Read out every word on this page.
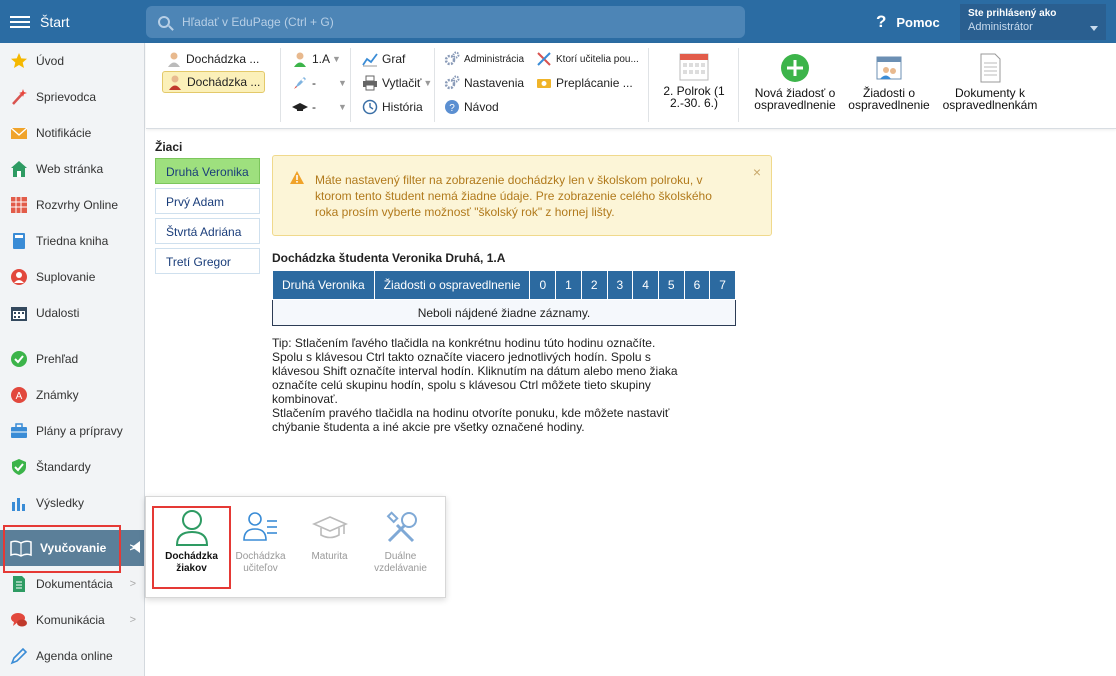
Štart	Hľadať v EduPage (Ctrl + G)	? Pomoc
Ste prihlásený ako
Administrátor
Úvod
Sprievodca
Notifikácie
Web stránka
Rozvrhy Online
Triedna kniha
Suplovanie
Udalosti
Prehľad
A Známky
Plány a prípravy
Štandardy
Výsledky
Vyučovanie >
Dokumentácia >
Komunikácia >
Agenda online
Dochádzka ...
Dochádzka ...
1.A ▼
- ▼
- ▼
Graf
Vytlačiť ▼
História
Administrácia
Nastavenia
? Návod
Ktorí učitelia pou...
Preplácanie ...
2. Polrok (1
2.-30. 6.)
Nová žiadosť o
ospravedlnenie
Žiadosti o
ospravedlnenie
Dokumenty k
ospravedlnenkám
Žiaci
Druhá Veronika
Prvý Adam
Štvrtá Adriána
Tretí Gregor
Máte nastavený filter na zobrazenie dochádzky len v školskom polroku, v ktorom tento študent nemá žiadne údaje. Pre zobrazenie celého školského roka prosím vyberte možnosť "školský rok" z hornej lišty.
×
Dochádzka študenta Veronika Druhá, 1.A
Druhá Veronika	Žiadosti o ospravedlnenie	0	1	2	3	4	5	6	7
Neboli nájdené žiadne záznamy.
Tip: Stlačením ľavého tlačidla na konkrétnu hodinu túto hodinu označíte. Spolu s klávesou Ctrl takto označíte viacero jednotlivých hodín. Spolu s klávesou Shift označíte interval hodín. Kliknutím na dátum alebo meno žiaka označíte celú skupinu hodín, spolu s klávesou Ctrl môžete tieto skupiny kombinovať.
Stlačením pravého tlačidla na hodinu otvoríte ponuku, kde môžete nastaviť chýbanie študenta a iné akcie pre všetky označené hodiny.
Dochádzka
žiakov
Dochádzka
učiteľov
Maturita	Duálne
vzdelávanie
